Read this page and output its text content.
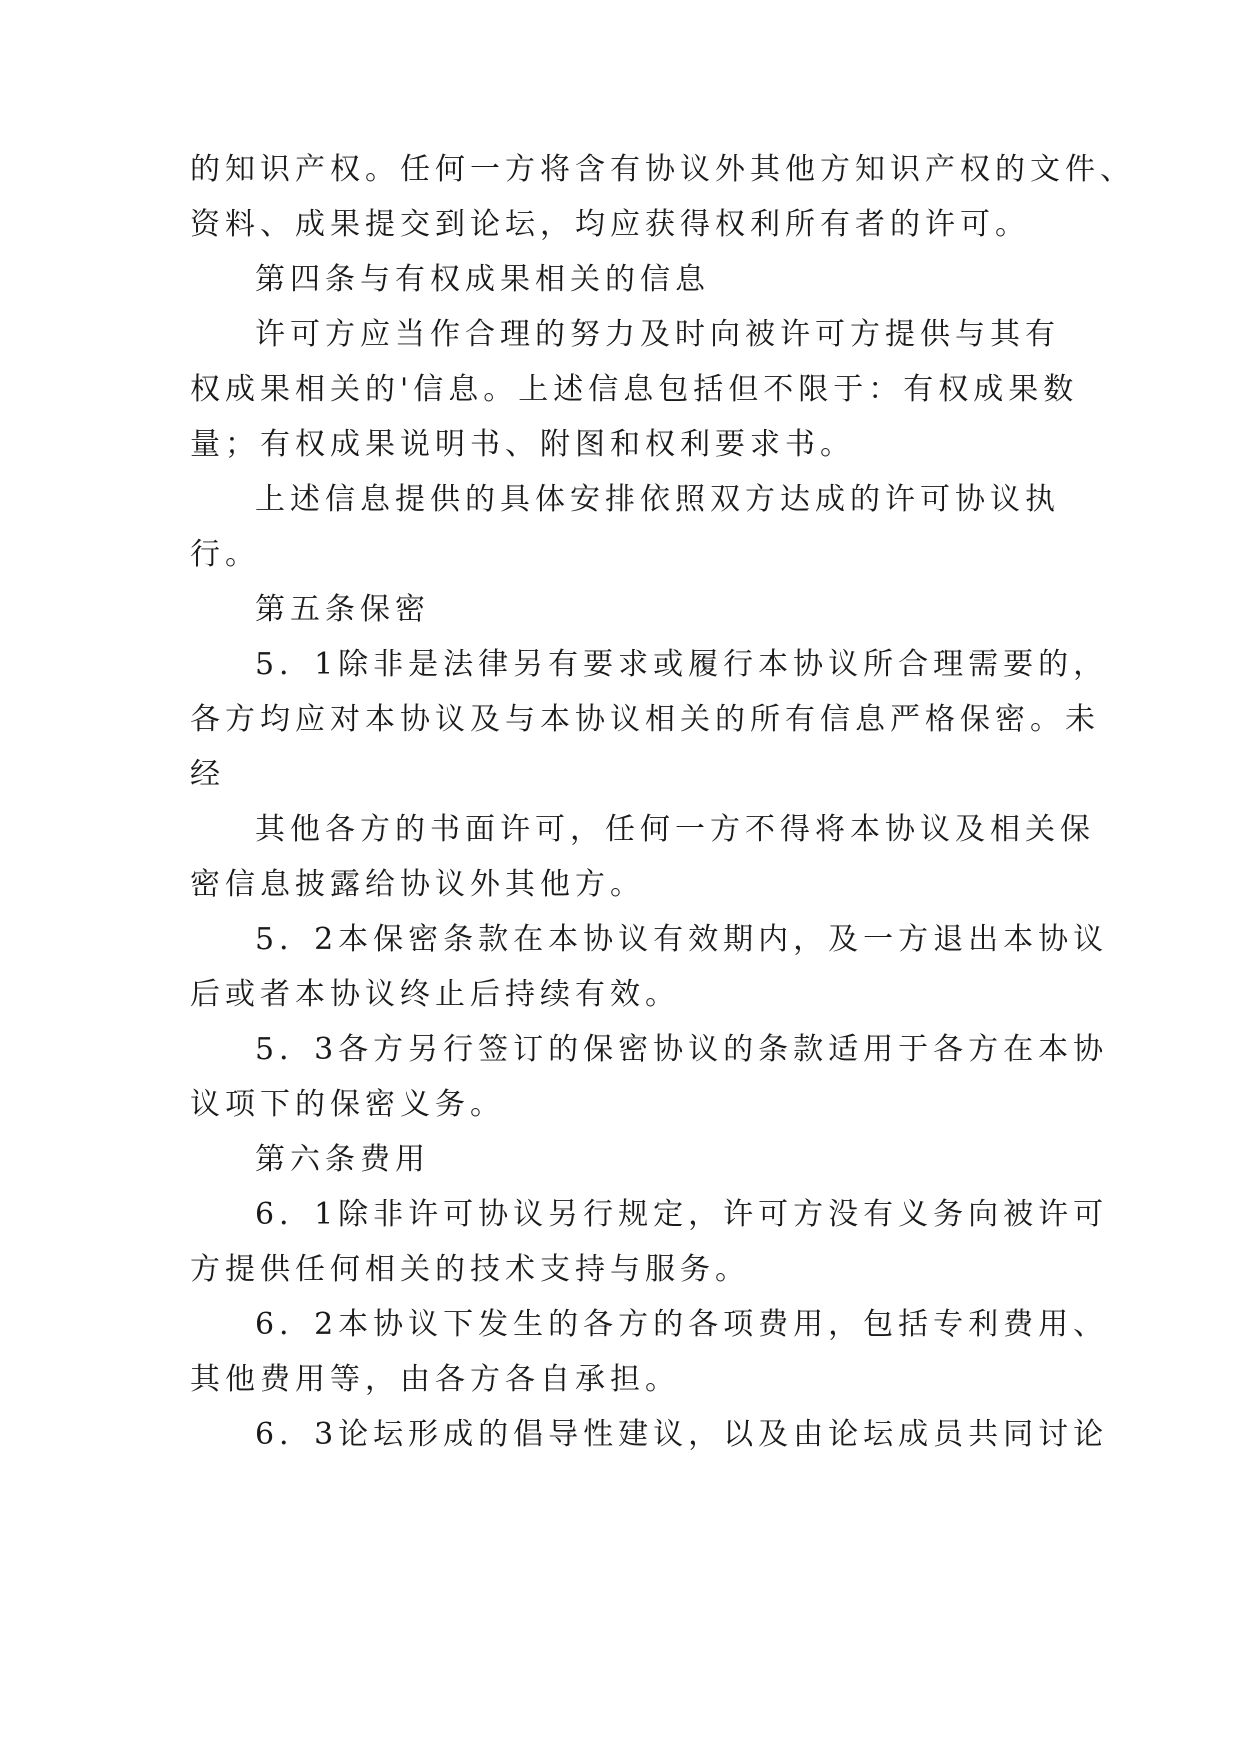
的知识产权。任何一方将含有协议外其他方知识产权的文件、
资料、成果提交到论坛，均应获得权利所有者的许可。
第四条与有权成果相关的信息
许可方应当作合理的努力及时向被许可方提供与其有
权成果相关的'信息。上述信息包括但不限于：有权成果数
量；有权成果说明书、附图和权利要求书。
上述信息提供的具体安排依照双方达成的许可协议执
行。
第五条保密
5．1除非是法律另有要求或履行本协议所合理需要的，
各方均应对本协议及与本协议相关的所有信息严格保密。未
经
其他各方的书面许可，任何一方不得将本协议及相关保
密信息披露给协议外其他方。
5．2本保密条款在本协议有效期内，及一方退出本协议
后或者本协议终止后持续有效。
5．3各方另行签订的保密协议的条款适用于各方在本协
议项下的保密义务。
第六条费用
6．1除非许可协议另行规定，许可方没有义务向被许可
方提供任何相关的技术支持与服务。
6．2本协议下发生的各方的各项费用，包括专利费用、
其他费用等，由各方各自承担。
6．3论坛形成的倡导性建议，以及由论坛成员共同讨论
